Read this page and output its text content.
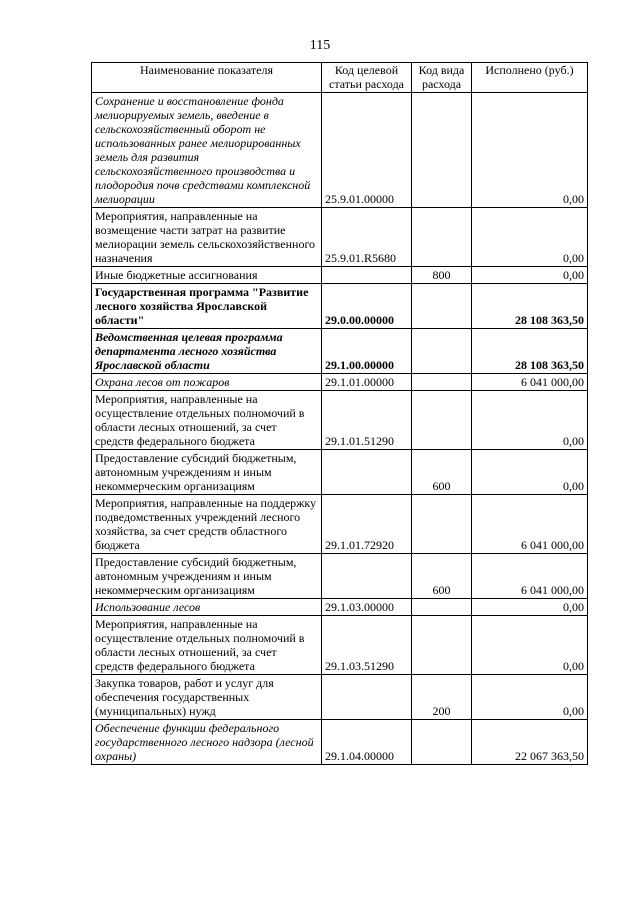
115
Наименование показателя	Код целевой статьи расхода	Код вида расхода	Исполнено (руб.)
Сохранение и восстановление фонда мелиорируемых земель, введение в сельскохозяйственный оборот не использованных ранее мелиорированных земель для развития сельскохозяйственного производства и плодородия почв средствами комплексной мелиорации	25.9.01.00000		0,00
Мероприятия, направленные на возмещение части затрат на развитие мелиорации земель сельскохозяйственного назначения	25.9.01.R5680		0,00
Иные бюджетные ассигнования		800	0,00
Государственная программа "Развитие лесного хозяйства Ярославской области"	29.0.00.00000		28 108 363,50
Ведомственная целевая программа департамента лесного хозяйства Ярославской области	29.1.00.00000		28 108 363,50
Охрана лесов от пожаров	29.1.01.00000		6 041 000,00
Мероприятия, направленные на осуществление отдельных полномочий в области лесных отношений, за счет средств федерального бюджета	29.1.01.51290		0,00
Предоставление субсидий бюджетным, автономным учреждениям и иным некоммерческим организациям		600	0,00
Мероприятия, направленные на поддержку подведомственных учреждений лесного хозяйства, за счет средств областного бюджета	29.1.01.72920		6 041 000,00
Предоставление субсидий бюджетным, автономным учреждениям и иным некоммерческим организациям		600	6 041 000,00
Использование лесов	29.1.03.00000		0,00
Мероприятия, направленные на осуществление отдельных полномочий в области лесных отношений, за счет средств федерального бюджета	29.1.03.51290		0,00
Закупка товаров, работ и услуг для обеспечения государственных (муниципальных) нужд		200	0,00
Обеспечение функции федерального государственного лесного надзора (лесной охраны)	29.1.04.00000		22 067 363,50
